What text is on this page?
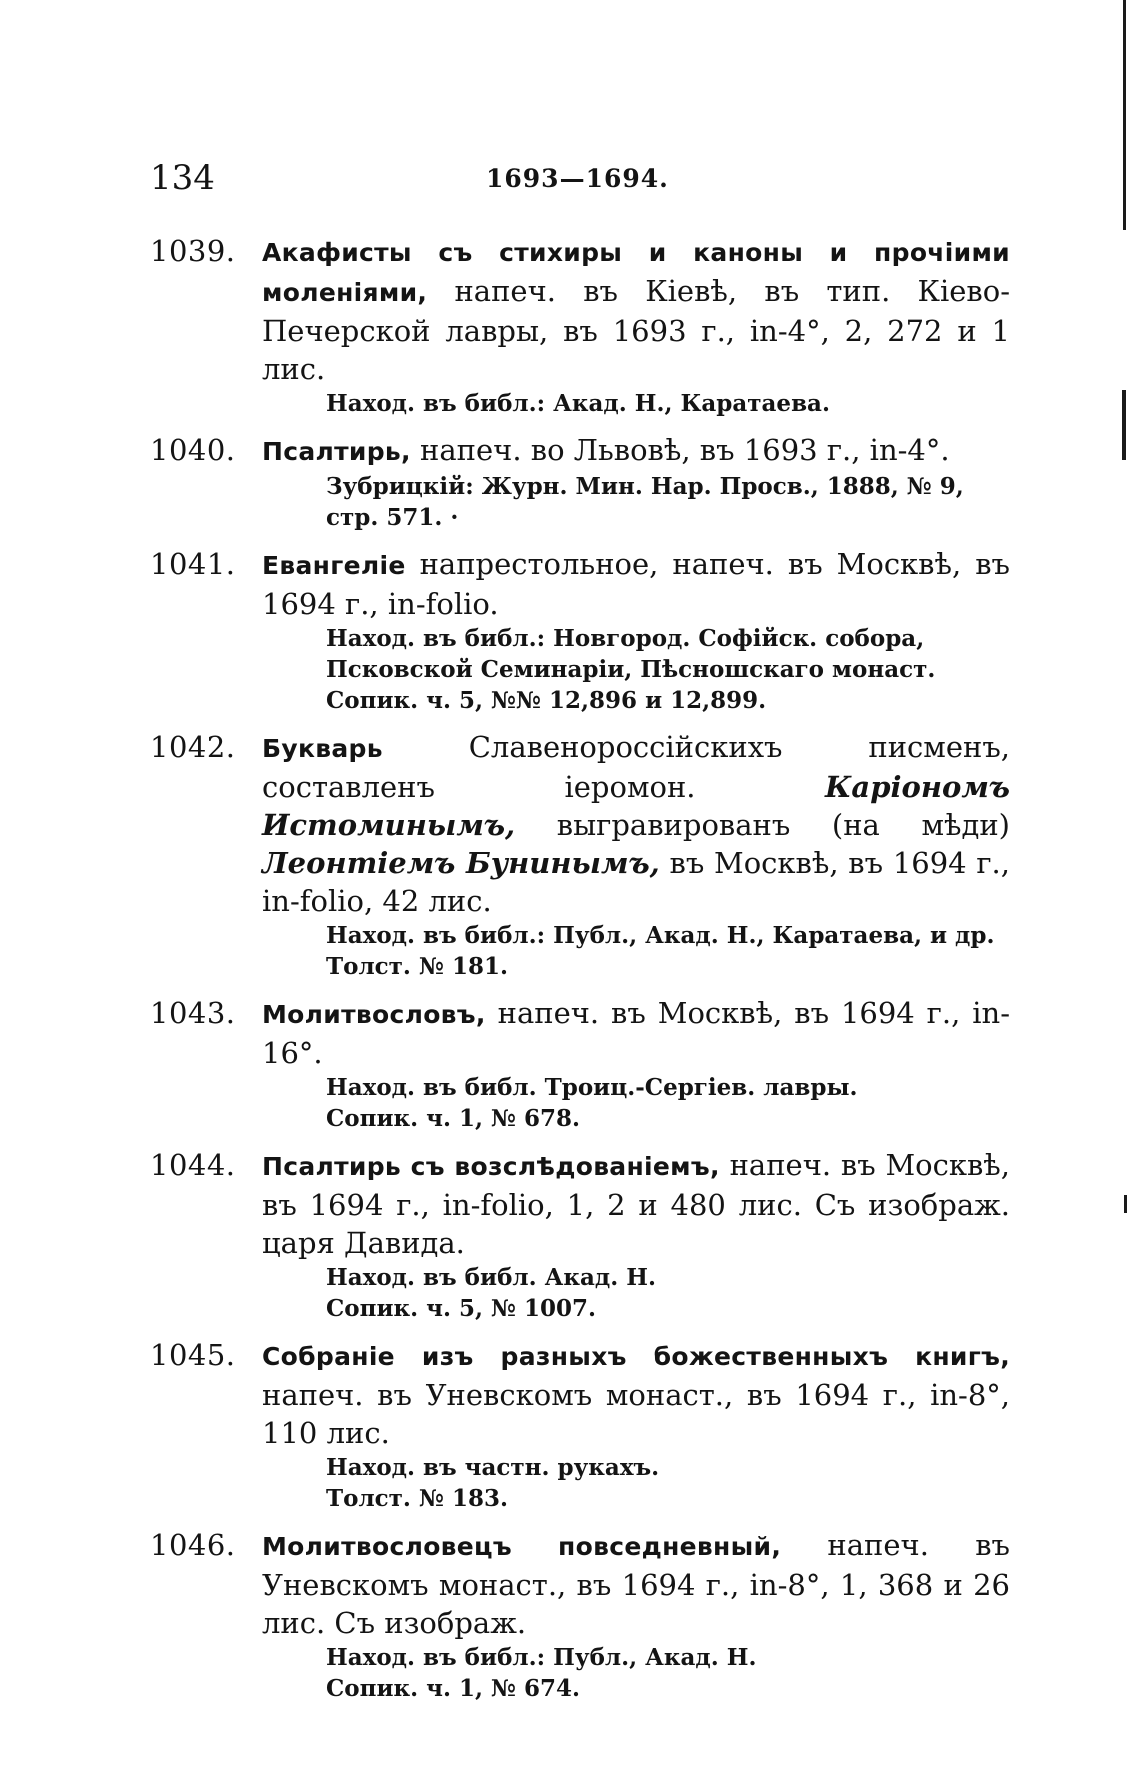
134	1693—1694.
1039.	Акафисты съ стихиры и каноны и прочіими моленіями, напеч. въ Кіевѣ, въ тип. Кіево-Печерской лавры, въ 1693 г., in-4°, 2, 272 и 1 лис.
Наход. въ библ.: Акад. Н., Каратаева.
1040.	Псалтирь, напеч. во Львовѣ, въ 1693 г., in-4°.
Зубрицкій: Журн. Мин. Нар. Просв., 1888, № 9, стр. 571. ·
1041.	Евангеліе напрестольное, напеч. въ Москвѣ, въ 1694 г., in-folio.
Наход. въ библ.: Новгород. Софійск. собора, Псковской Семинаріи, Пѣсношскаго монаст.
Сопик. ч. 5, №№ 12,896 и 12,899.
1042.	Букварь Славенороссійскихъ писменъ, составленъ іеромон. Каріономъ Истоминымъ, выгравированъ (на мѣди) Леонтіемъ Бунинымъ, въ Москвѣ, въ 1694 г., in-folio, 42 лис.
Наход. въ библ.: Публ., Акад. Н., Каратаева, и др.
Толст. № 181.
1043.	Молитвословъ, напеч. въ Москвѣ, въ 1694 г., in-16°.
Наход. въ библ. Троиц.-Сергіев. лавры.
Сопик. ч. 1, № 678.
1044.	Псалтирь съ возслѣдованіемъ, напеч. въ Москвѣ, въ 1694 г., in-folio, 1, 2 и 480 лис. Съ изображ. царя Давида.
Наход. въ библ. Акад. Н.
Сопик. ч. 5, № 1007.
1045.	Собраніе изъ разныхъ божественныхъ книгъ, напеч. въ Уневскомъ монаст., въ 1694 г., in-8°, 110 лис.
Наход. въ частн. рукахъ.
Толст. № 183.
1046.	Молитвословецъ повседневный, напеч. въ Уневскомъ монаст., въ 1694 г., in-8°, 1, 368 и 26 лис. Съ изображ.
Наход. въ библ.: Публ., Акад. Н.
Сопик. ч. 1, № 674.
